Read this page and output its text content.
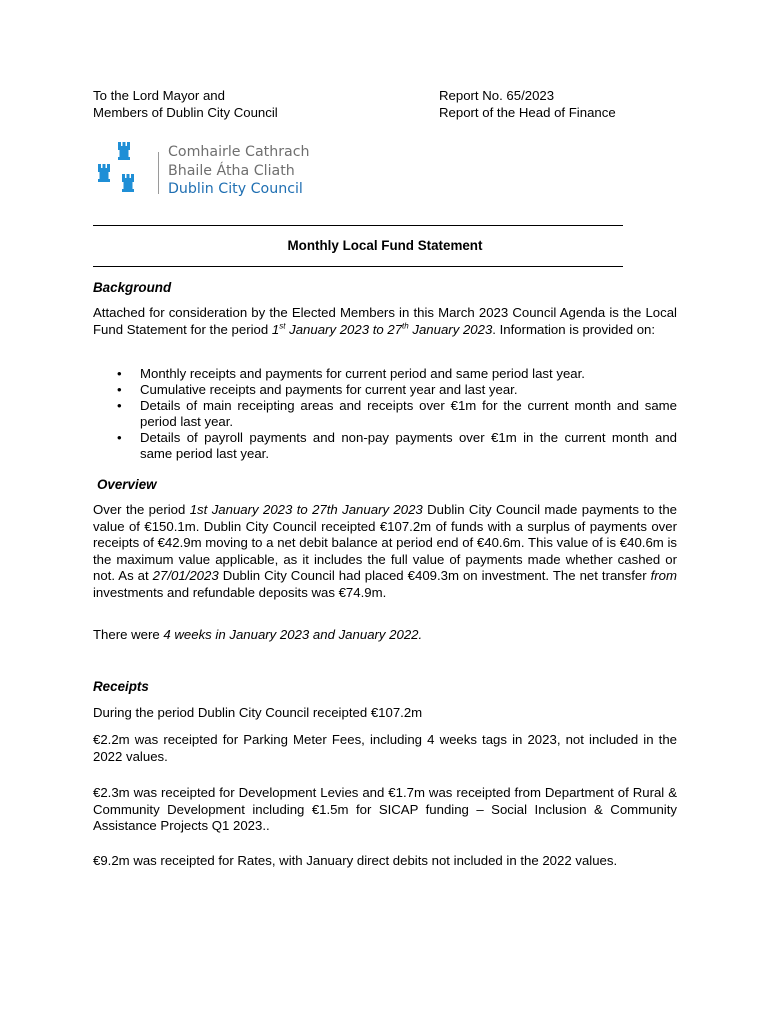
To the Lord Mayor and
Members of Dublin City Council
Report No. 65/2023
Report of the Head of Finance
Comhairle Cathrach
Bhaile Átha Cliath
Dublin City Council
Monthly Local Fund Statement
Background
Attached for consideration by the Elected Members in this March 2023 Council Agenda is the Local Fund Statement for the period 1st January 2023 to 27th January 2023. Information is provided on:
• Monthly receipts and payments for current period and same period last year.
• Cumulative receipts and payments for current year and last year.
• Details of main receipting areas and receipts over €1m for the current month and same period last year.
• Details of payroll payments and non-pay payments over €1m in the current month and same period last year.
Overview
Over the period 1st January 2023 to 27th January 2023 Dublin City Council made payments to the value of €150.1m. Dublin City Council receipted €107.2m of funds with a surplus of payments over receipts of €42.9m moving to a net debit balance at period end of €40.6m. This value of is €40.6m is the maximum value applicable, as it includes the full value of payments made whether cashed or not. As at 27/01/2023 Dublin City Council had placed €409.3m on investment. The net transfer from investments and refundable deposits was €74.9m.
There were 4 weeks in January 2023 and January 2022.
Receipts
During the period Dublin City Council receipted €107.2m
€2.2m was receipted for Parking Meter Fees, including 4 weeks tags in 2023, not included in the 2022 values.
€2.3m was receipted for Development Levies and €1.7m was receipted from Department of Rural & Community Development including €1.5m for SICAP funding – Social Inclusion & Community Assistance Projects Q1 2023..
€9.2m was receipted for Rates, with January direct debits not included in the 2022 values.
